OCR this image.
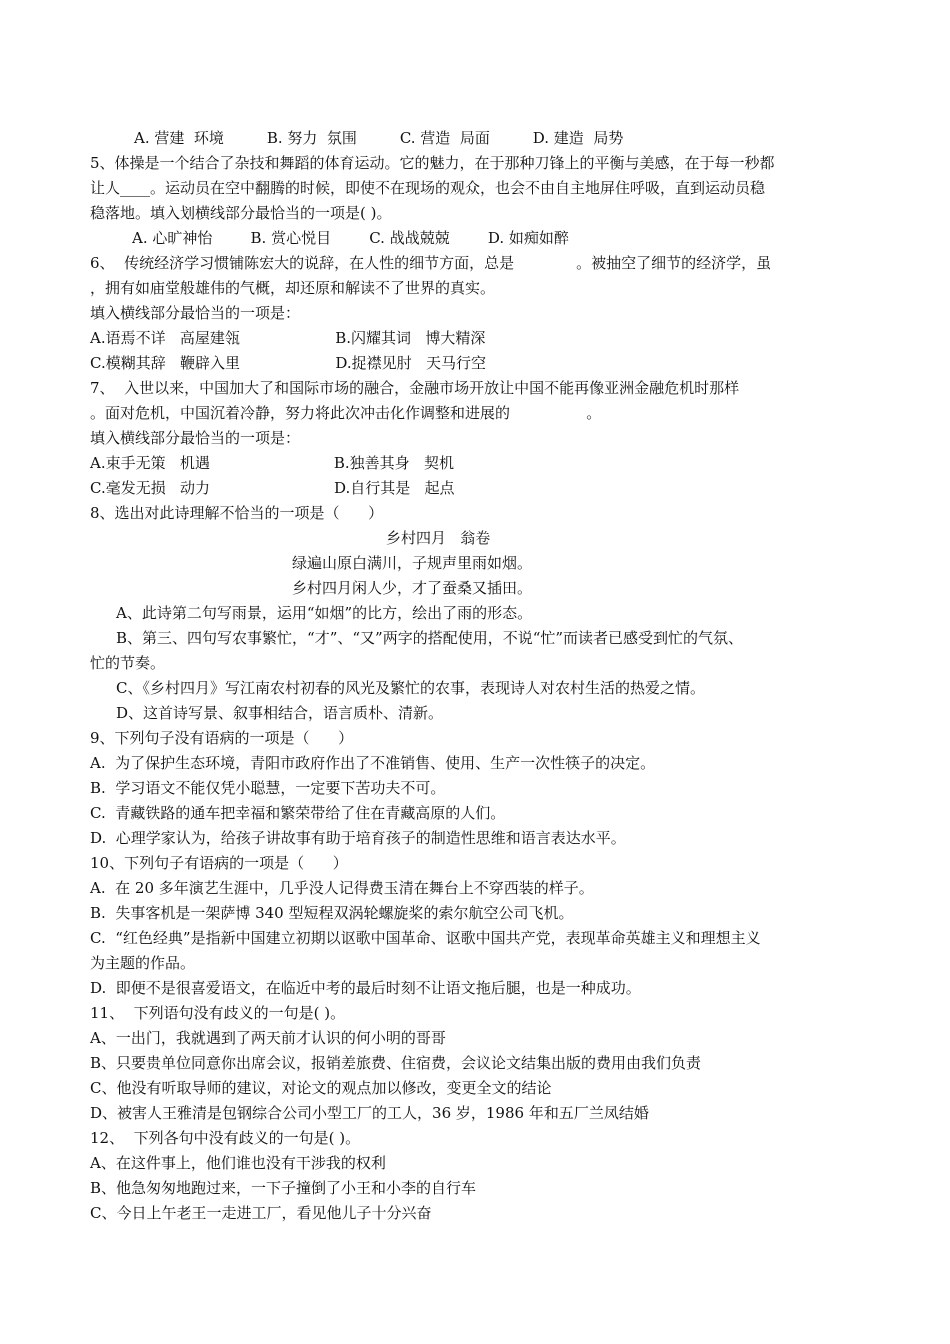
A. 营建  环境         B. 努力  氛围         C. 营造  局面         D. 建造  局势
5、体操是一个结合了杂技和舞蹈的体育运动。它的魅力，在于那种刀锋上的平衡与美感，在于每一秒都
让人____。运动员在空中翻腾的时候，即使不在现场的观众，也会不由自主地屏住呼吸，直到运动员稳
稳落地。填入划横线部分最恰当的一项是( )。
A. 心旷神怡        B. 赏心悦目        C. 战战兢兢        D. 如痴如醉
6、  传统经济学习惯铺陈宏大的说辞，在人性的细节方面，总是             。被抽空了细节的经济学，虽
，拥有如庙堂般雄伟的气概，却还原和解读不了世界的真实。
填入横线部分最恰当的一项是：
A.语焉不详   高屋建瓴                    B.闪耀其词   博大精深
C.模糊其辞   鞭辟入里                    D.捉襟见肘   天马行空
7、  入世以来，中国加大了和国际市场的融合，金融市场开放让中国不能再像亚洲金融危机时那样
。面对危机，中国沉着冷静，努力将此次冲击化作调整和进展的                。
填入横线部分最恰当的一项是：
A.束手无策   机遇                          B.独善其身   契机
C.毫发无损   动力                          D.自行其是   起点
8、选出对此诗理解不恰当的一项是（      ）
乡村四月   翁卷
绿遍山原白满川，子规声里雨如烟。
乡村四月闲人少，才了蚕桑又插田。
A、此诗第二句写雨景，运用“如烟”的比方，绘出了雨的形态。
B、第三、四句写农事繁忙，“才”、“又”两字的搭配使用，不说“忙”而读者已感受到忙的气氛、
忙的节奏。
C、《乡村四月》写江南农村初春的风光及繁忙的农事，表现诗人对农村生活的热爱之情。
D、这首诗写景、叙事相结合，语言质朴、清新。
9、下列句子没有语病的一项是（      ）
A.  为了保护生态环境，青阳市政府作出了不准销售、使用、生产一次性筷子的决定。
B.  学习语文不能仅凭小聪慧，一定要下苦功夫不可。
C.  青藏铁路的通车把幸福和繁荣带给了住在青藏高原的人们。
D.  心理学家认为，给孩子讲故事有助于培育孩子的制造性思维和语言表达水平。
10、下列句子有语病的一项是（      ）
A.  在 20 多年演艺生涯中，几乎没人记得费玉清在舞台上不穿西装的样子。
B.  失事客机是一架萨博 340 型短程双涡轮螺旋桨的索尔航空公司飞机。
C.  “红色经典”是指新中国建立初期以讴歌中国革命、讴歌中国共产党，表现革命英雄主义和理想主义
为主题的作品。
D.  即便不是很喜爱语文，在临近中考的最后时刻不让语文拖后腿，也是一种成功。
11、  下列语句没有歧义的一句是( )。
A、一出门，我就遇到了两天前才认识的何小明的哥哥
B、只要贵单位同意你出席会议，报销差旅费、住宿费，会议论文结集出版的费用由我们负责
C、他没有听取导师的建议，对论文的观点加以修改，变更全文的结论
D、被害人王雅清是包钢综合公司小型工厂的工人，36 岁，1986 年和五厂兰凤结婚
12、  下列各句中没有歧义的一句是( )。
A、在这件事上，他们谁也没有干涉我的权利
B、他急匆匆地跑过来，一下子撞倒了小王和小李的自行车
C、今日上午老王一走进工厂，看见他儿子十分兴奋
